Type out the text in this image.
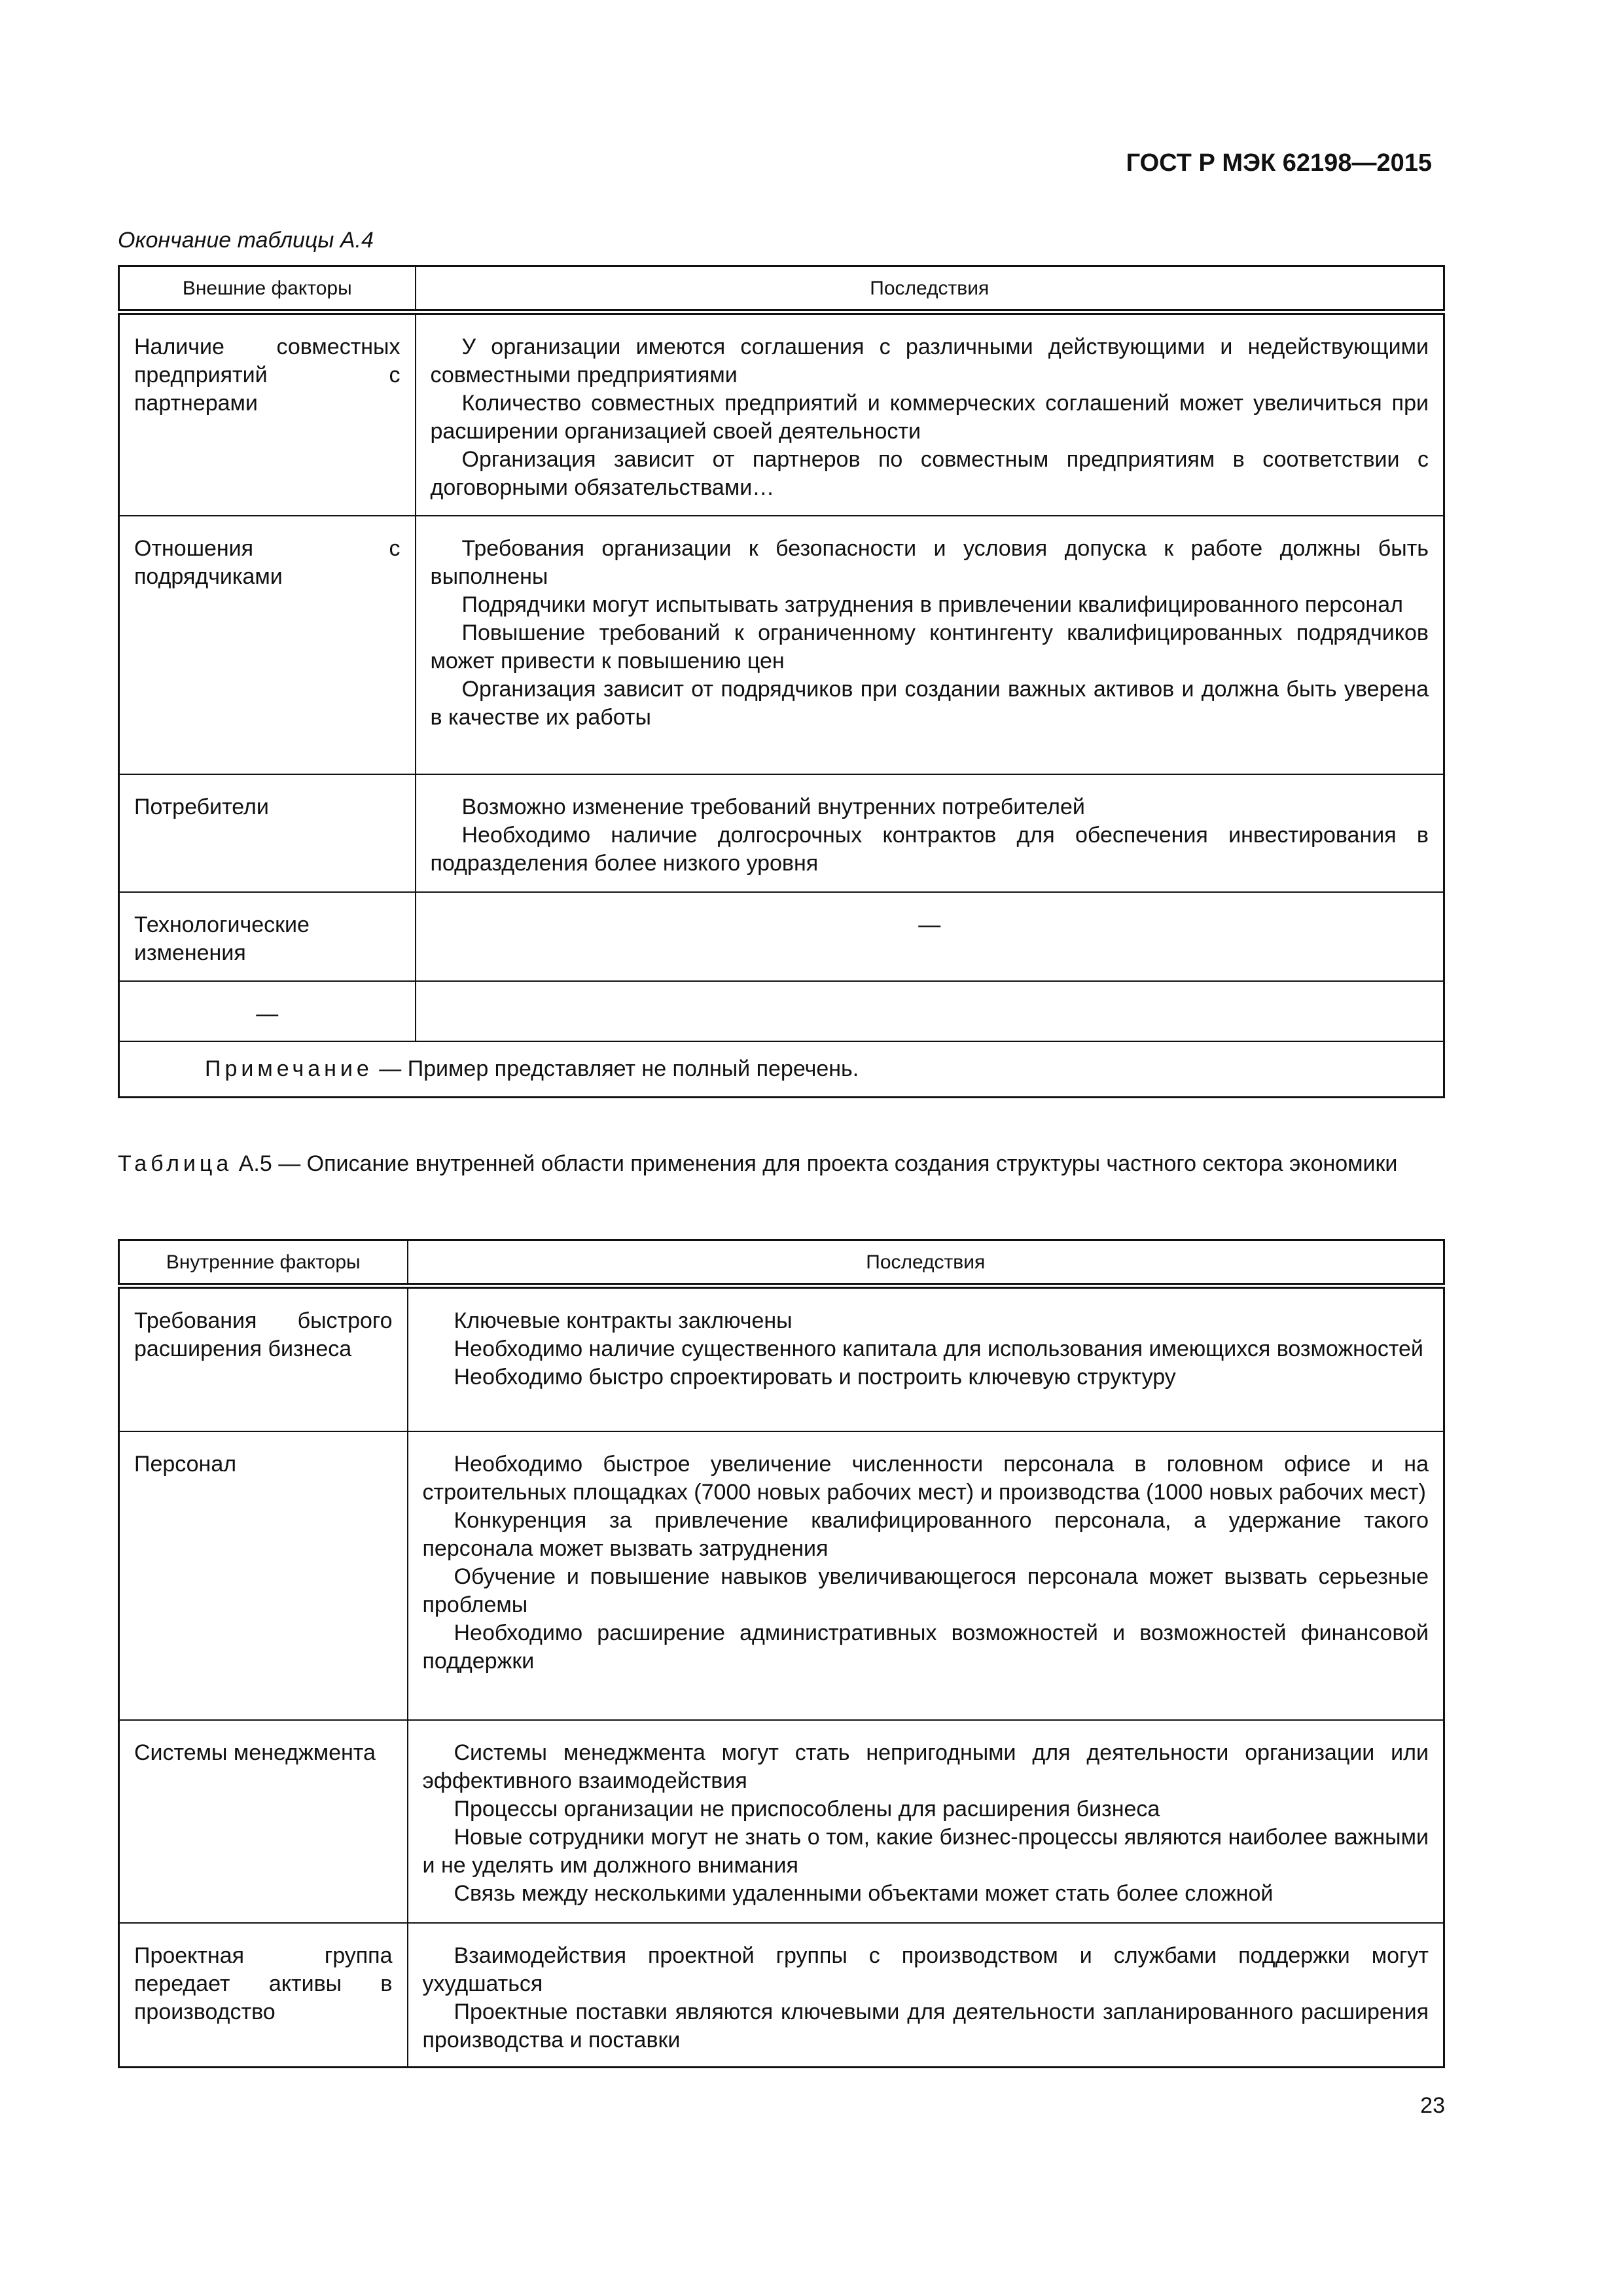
ГОСТ Р МЭК 62198—2015
Окончание таблицы А.4
Внешние факторы	Последствия
Наличие совместных предприятий с партнерами	У организации имеются соглашения с различными действующими и недействующими совместными предприятиями

Количество совместных предприятий и коммерческих соглашений может увеличиться при расширении организацией своей деятельности

Организация зависит от партнеров по совместным предприятиям в соответствии с договорными обязательствами…

Отношения с подрядчиками	Требования организации к безопасности и условия допуска к работе должны быть выполнены

Подрядчики могут испытывать затруднения в привлечении квалифицированного персонал

Повышение требований к ограниченному контингенту квалифицированных подрядчиков может привести к повышению цен

Организация зависит от подрядчиков при создании важных активов и должна быть уверена в качестве их работы

Потребители	Возможно изменение требований внутренних потребителей

Необходимо наличие долгосрочных контрактов для обеспечения инвестирования в подразделения более низкого уровня

Технологические изменения	—
—	
Примечание — Пример представляет не полный перечень.	
Таблица А.5 — Описание внутренней области применения для проекта создания структуры частного сектора экономики
Внутренние факторы	Последствия
Требования быстрого расширения бизнеса	Ключевые контракты заключены

Необходимо наличие существенного капитала для использования имеющихся возможностей

Необходимо быстро спроектировать и построить ключевую структуру

Персонал	Необходимо быстрое увеличение численности персонала в головном офисе и на строительных площадках (7000 новых рабочих мест) и производства (1000 новых рабочих мест)

Конкуренция за привлечение квалифицированного персонала, а удержание такого персонала может вызвать затруднения

Обучение и повышение навыков увеличивающегося персонала может вызвать серьезные проблемы

Необходимо расширение административных возможностей и возможностей финансовой поддержки

Системы менеджмента	Системы менеджмента могут стать непригодными для деятельности организации или эффективного взаимодействия

Процессы организации не приспособлены для расширения бизнеса

Новые сотрудники могут не знать о том, какие бизнес-процессы являются наиболее важными и не уделять им должного внимания

Связь между несколькими удаленными объектами может стать более сложной

Проектная группа передает активы в производство	Взаимодействия проектной группы с производством и службами поддержки могут ухудшаться

Проектные поставки являются ключевыми для деятельности запланированного расширения производства и поставки

23
